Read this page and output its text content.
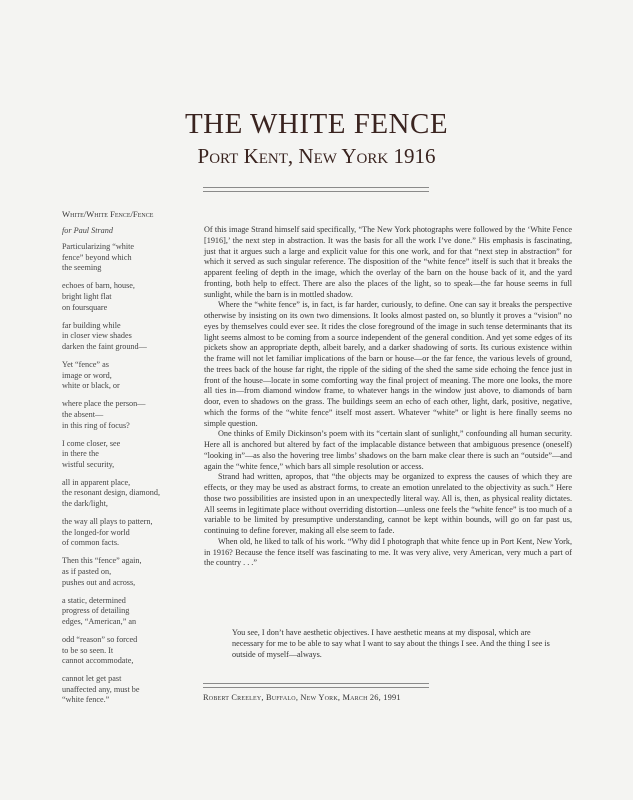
THE WHITE FENCE
Port Kent, New York 1916
White/White Fence/Fence
for Paul Strand
Particularizing “white
fence” beyond which
the seeming
echoes of barn, house,
bright light flat
on foursquare
far building while
in closer view shades
darken the faint ground—
Yet “fence” as
image or word,
white or black, or
where place the person—
the absent—
in this ring of focus?
I come closer, see
in there the
wistful security,
all in apparent place,
the resonant design, diamond,
the dark/light,
the way all plays to pattern,
the longed-for world
of common facts.
Then this “fence” again,
as if pasted on,
pushes out and across,
a static, determined
progress of detailing
edges, “American,” an
odd “reason” so forced
to be so seen. It
cannot accommodate,
cannot let get past
unaffected any, must be
“white fence.”

Of this image Strand himself said specifically, “The New York photographs were followed by the ‘White Fence [1916],’ the next step in abstraction. It was the basis for all the work I’ve done.” His emphasis is fascinating, just that it argues such a large and explicit value for this one work, and for that “next step in abstraction” for which it served as such singular reference. The disposition of the “white fence” itself is such that it breaks the apparent feeling of depth in the image, which the overlay of the barn on the house back of it, and the yard fronting, both help to effect. There are also the places of the light, so to speak—the far house seems in full sunlight, while the barn is in mottled shadow.

Where the “white fence” is, in fact, is far harder, curiously, to define. One can say it breaks the perspective otherwise by insisting on its own two dimensions. It looks almost pasted on, so bluntly it proves a “vision” no eyes by themselves could ever see. It rides the close foreground of the image in such tense determinants that its light seems almost to be coming from a source independent of the general condition. And yet some edges of its pickets show an appropriate depth, albeit barely, and a darker shadowing of sorts. Its curious existence within the frame will not let familiar implications of the barn or house—or the far fence, the various levels of ground, the trees back of the house far right, the ripple of the siding of the shed the same side echoing the fence just in front of the house—locate in some comforting way the final project of meaning. The more one looks, the more all ties in—from diamond window frame, to whatever hangs in the window just above, to diamonds of barn door, even to shadows on the grass. The buildings seem an echo of each other, light, dark, positive, negative, which the forms of the “white fence” itself most assert. Whatever “white” or light is here finally seems no simple question.

One thinks of Emily Dickinson’s poem with its “certain slant of sunlight,” confounding all human security. Here all is anchored but altered by fact of the implacable distance between that ambiguous presence (oneself) “looking in”—as also the hovering tree limbs’ shadows on the barn make clear there is such an “outside”—and again the “white fence,” which bars all simple resolution or access.

Strand had written, apropos, that “the objects may be organized to express the causes of which they are effects, or they may be used as abstract forms, to create an emotion unrelated to the objectivity as such.” Here those two possibilities are insisted upon in an unexpectedly literal way. All is, then, as physical reality dictates. All seems in legitimate place without overriding distortion—unless one feels the “white fence” is too much of a variable to be limited by presumptive understanding, cannot be kept within bounds, will go on far past us, continuing to define forever, making all else seem to fade.

When old, he liked to talk of his work. “Why did I photograph that white fence up in Port Kent, New York, in 1916? Because the fence itself was fascinating to me. It was very alive, very American, very much a part of the country . . .”

You see, I don’t have aesthetic objectives. I have aesthetic means at my disposal, which are necessary for me to be able to say what I want to say about the things I see. And the thing I see is outside of myself—always.

Robert Creeley, Buffalo, New York, March 26, 1991
